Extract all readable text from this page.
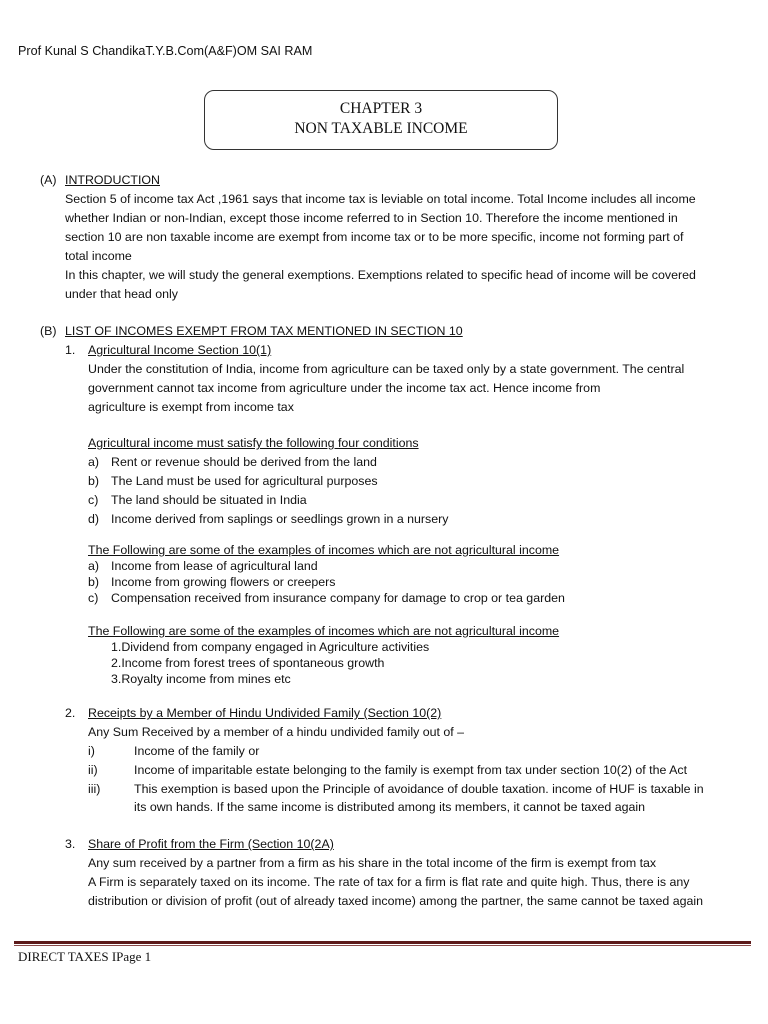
Prof Kunal S ChandikaT.Y.B.Com(A&F)OM SAI RAM
CHAPTER 3
NON TAXABLE INCOME
(A) INTRODUCTION
Section 5 of income tax Act ,1961 says that income tax is leviable on total income. Total Income includes all income
whether Indian or non-Indian, except those income referred to in Section 10. Therefore the income mentioned in
section 10 are non taxable income are exempt from income tax or to be more specific, income not forming part of
total income
In this chapter, we will study the general exemptions. Exemptions related to specific head of income will be covered
under that head only
(B) LIST OF INCOMES EXEMPT FROM TAX MENTIONED IN SECTION 10
1. Agricultural Income Section 10(1)
Under the constitution of India, income from agriculture can be taxed only by a state government. The central
government cannot tax income from agriculture under the income tax act. Hence income from
agriculture is exempt from income tax
Agricultural income must satisfy the following four conditions
a) Rent or revenue should be derived from the land
b) The Land must be used for agricultural purposes
c) The land should be situated in India
d) Income derived from saplings or seedlings grown in a nursery
The Following are some of the examples of incomes which are not agricultural income
a) Income from lease of agricultural land
b) Income from growing flowers or creepers
c) Compensation received from insurance company for damage to crop or tea garden
The Following are some of the examples of incomes which are not agricultural income
1.Dividend from company engaged in Agriculture activities
2.Income from forest trees of spontaneous growth
3.Royalty income from mines etc
2. Receipts by a Member of Hindu Undivided Family (Section 10(2)
Any Sum Received by a member of a hindu undivided family out of –
i)	Income of the family or
ii)	Income of imparitable estate belonging to the family is exempt from tax under section 10(2) of the Act
iii)	This exemption is based upon the Principle of avoidance of double taxation. income of HUF is taxable in
its own hands. If the same income is distributed among its members, it cannot be taxed again
3. Share of Profit from the Firm (Section 10(2A)
Any sum received by a partner from a firm as his share in the total income of the firm is exempt from tax
A Firm is separately taxed on its income. The rate of tax for a firm is flat rate and quite high. Thus, there is any
distribution or division of profit (out of already taxed income) among the partner, the same cannot be taxed again
DIRECT TAXES IPage 1
